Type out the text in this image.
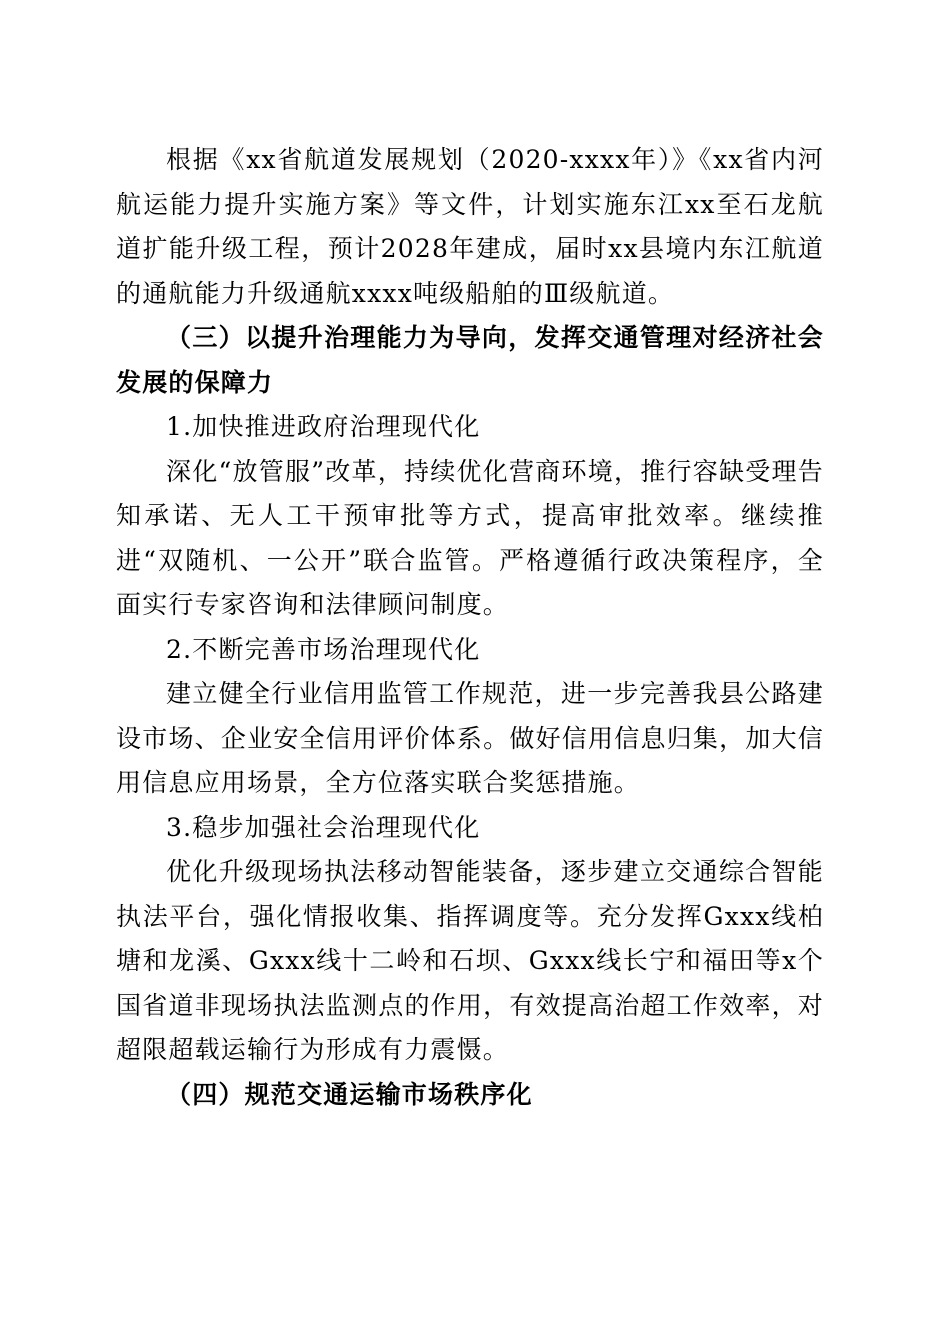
根据《xx省航道发展规划（2020-xxxx年）》《xx省内河航运能力提升实施方案》等文件，计划实施东江xx至石龙航道扩能升级工程，预计2028年建成，届时xx县境内东江航道的通航能力升级通航xxxx吨级船舶的Ⅲ级航道。

（三）以提升治理能力为导向，发挥交通管理对经济社会发展的保障力

1.加快推进政府治理现代化

深化“放管服”改革，持续优化营商环境，推行容缺受理告知承诺、无人工干预审批等方式，提高审批效率。继续推进“双随机、一公开”联合监管。严格遵循行政决策程序，全面实行专家咨询和法律顾问制度。

2.不断完善市场治理现代化

建立健全行业信用监管工作规范，进一步完善我县公路建设市场、企业安全信用评价体系。做好信用信息归集，加大信用信息应用场景，全方位落实联合奖惩措施。

3.稳步加强社会治理现代化

优化升级现场执法移动智能装备，逐步建立交通综合智能执法平台，强化情报收集、指挥调度等。充分发挥Gxxx线柏塘和龙溪、Gxxx线十二岭和石坝、Gxxx线长宁和福田等x个国省道非现场执法监测点的作用，有效提高治超工作效率，对超限超载运输行为形成有力震慑。

（四）规范交通运输市场秩序化
